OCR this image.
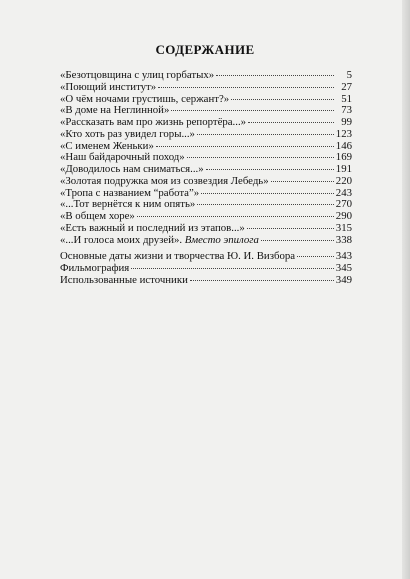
СОДЕРЖАНИЕ
«Безотцовщина с улиц горбатых»	5
«Поющий институт»	27
«О чём ночами грустишь, сержант?»	51
«В доме на Неглинной»	73
«Рассказать вам про жизнь репортёра...»	99
«Кто хоть раз увидел горы...»	123
«С именем Женьки»	146
«Наш байдарочный поход»	169
«Доводилось нам сниматься...»	191
«Золотая подружка моя из созвездия Лебедь»	220
«Тропа с названием “работа”»	243
«...Тот вернётся к ним опять»	270
«В общем хоре»	290
«Есть важный и последний из этапов...»	315
«...И голоса моих друзей». Вместо эпилога	338
Основные даты жизни и творчества Ю. И. Визбора	343
Фильмография	345
Использованные источники	349
